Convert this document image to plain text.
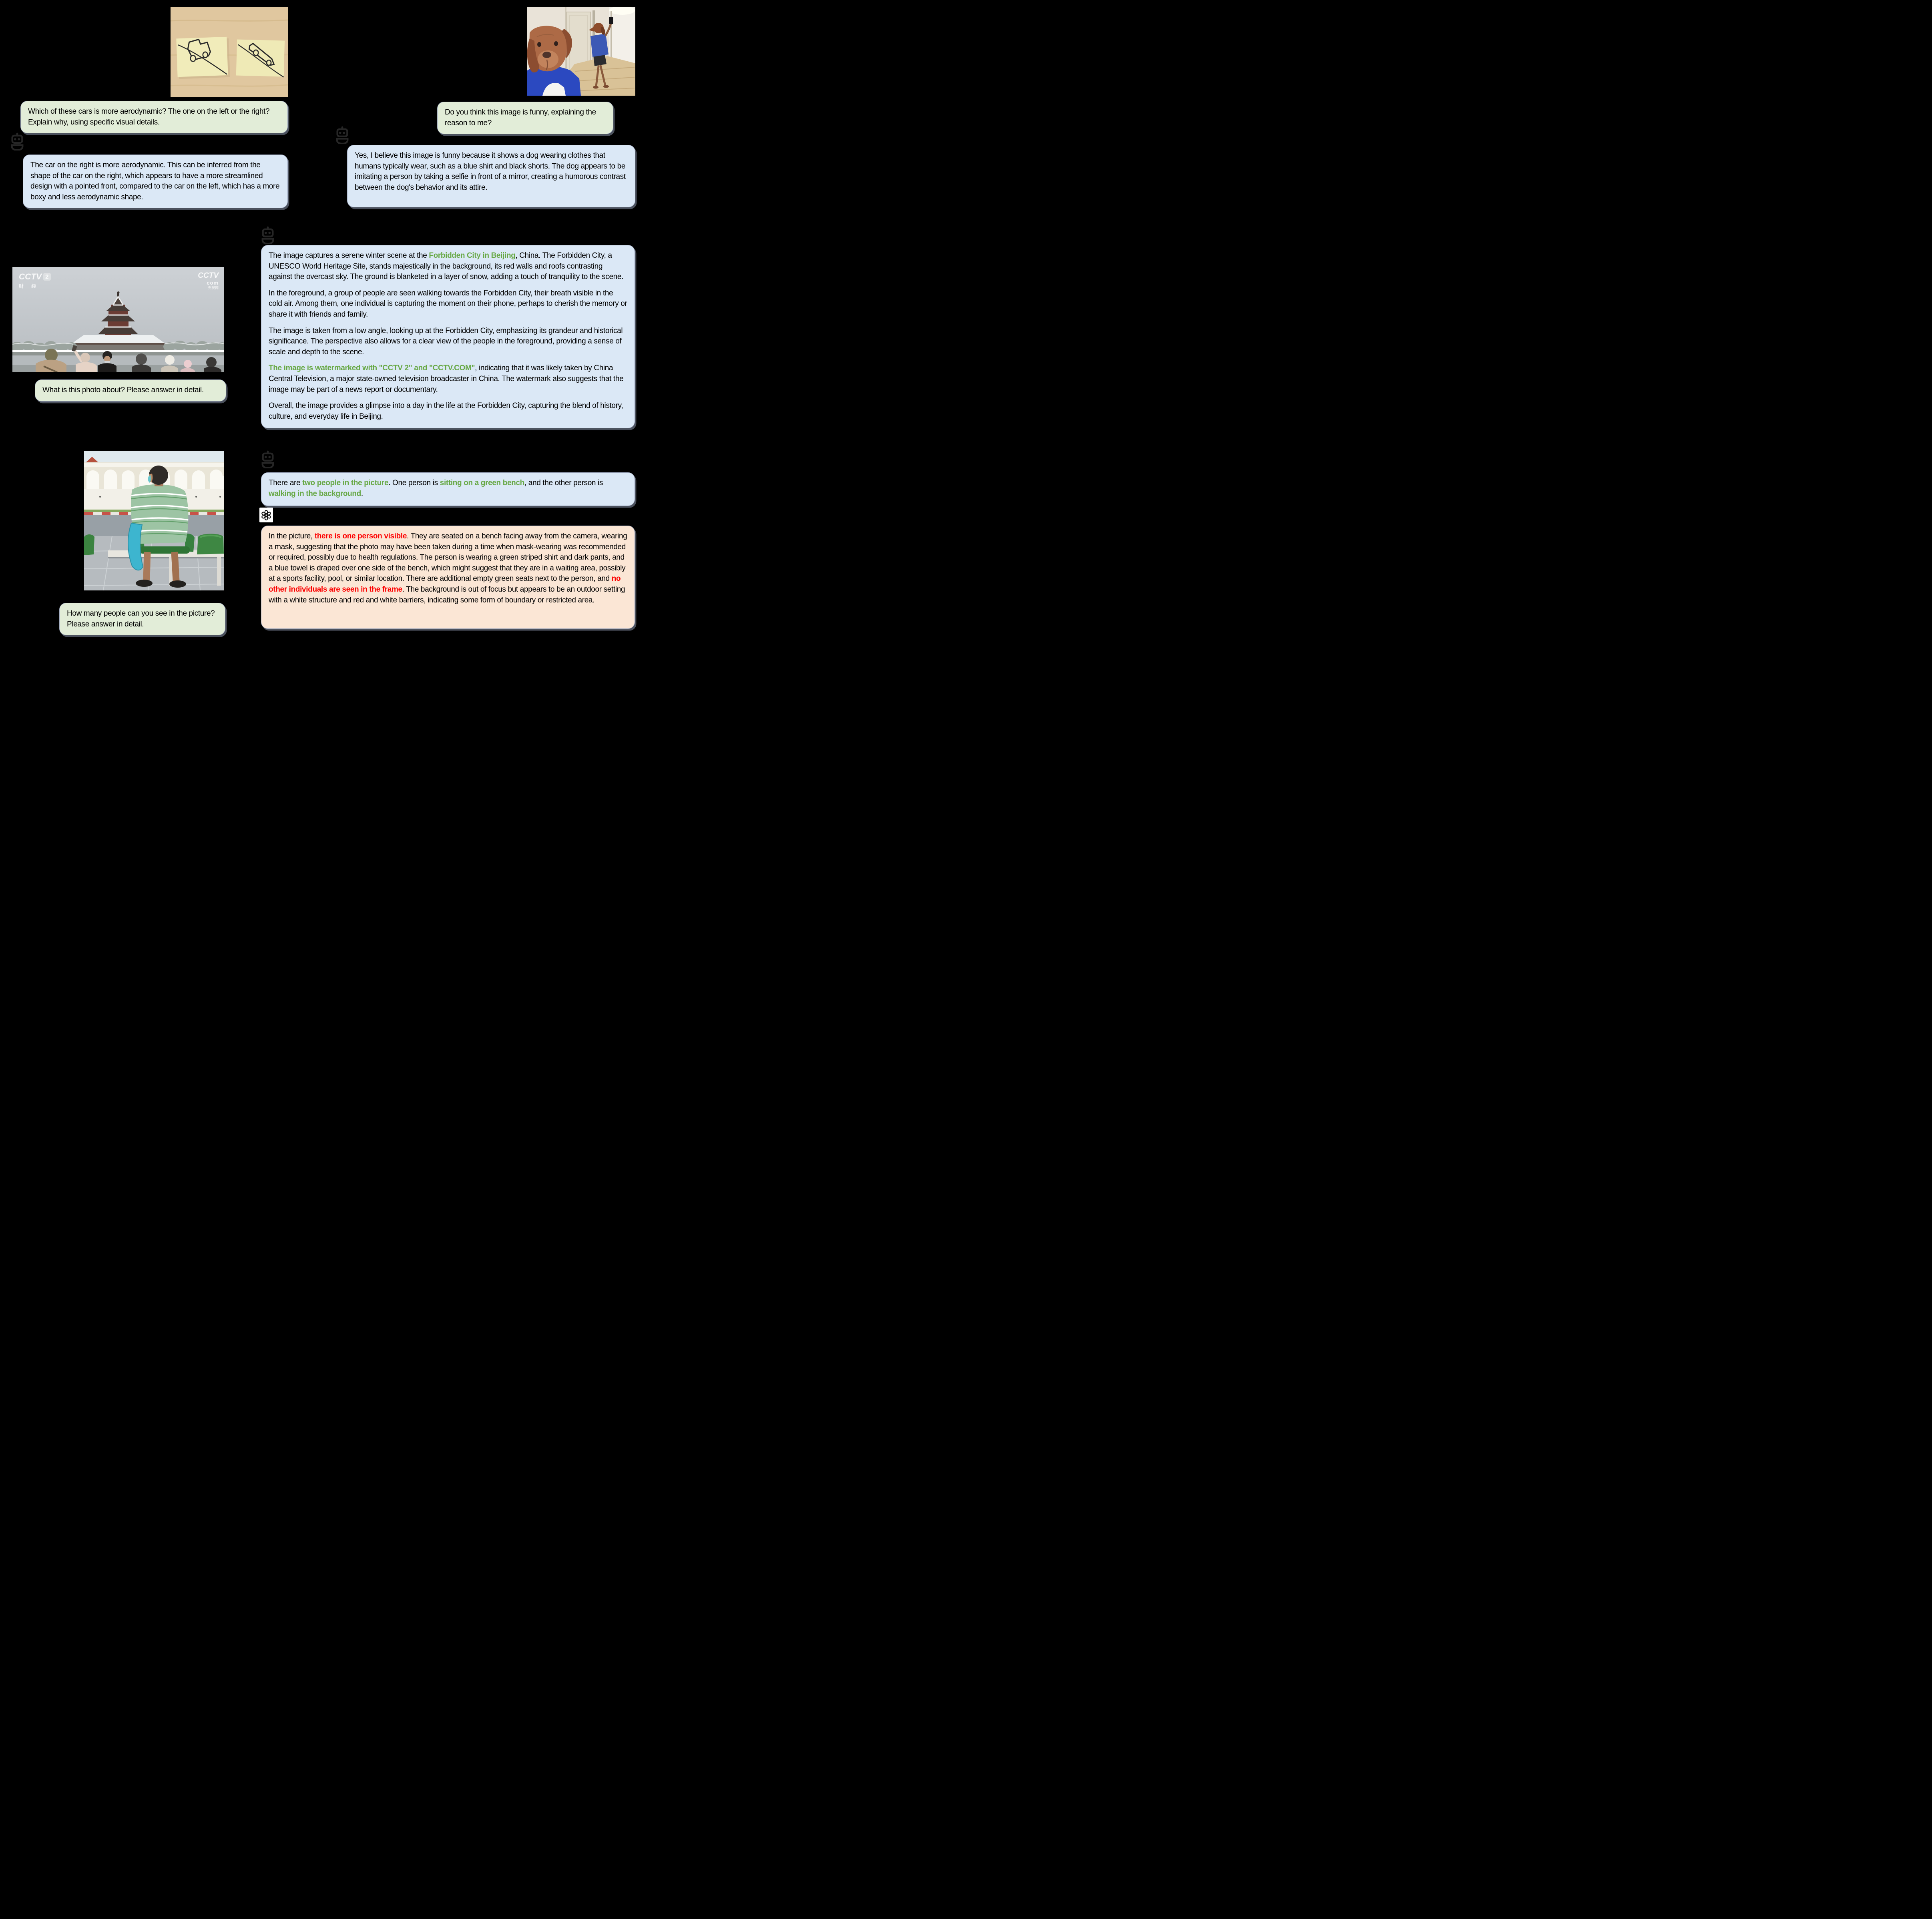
Which of these cars is more aerodynamic? The one on the left or the right? Explain why, using specific visual details.

Do you think this image is funny, explaining the reason to me?

The car on the right is more aerodynamic. This can be inferred from the shape of the car on the right, which appears to have a more streamlined design with a pointed front, compared to the car on the left, which has a more boxy and less aerodynamic shape.

Yes, I believe this image is funny because it shows a dog wearing clothes that humans typically wear, such as a blue shirt and black shorts. The dog appears to be imitating a person by taking a selfie in front of a mirror, creating a humorous contrast between the dog's behavior and its attire.

The image captures a serene winter scene at the Forbidden City in Beijing, China. The Forbidden City, a UNESCO World Heritage Site, stands majestically in the background, its red walls and roofs contrasting against the overcast sky. The ground is blanketed in a layer of snow, adding a touch of tranquility to the scene.

In the foreground, a group of people are seen walking towards the Forbidden City, their breath visible in the cold air. Among them, one individual is capturing the moment on their phone, perhaps to cherish the memory or share it with friends and family.

The image is taken from a low angle, looking up at the Forbidden City, emphasizing its grandeur and historical significance. The perspective also allows for a clear view of the people in the foreground, providing a sense of scale and depth to the scene.

The image is watermarked with "CCTV 2" and "CCTV.COM", indicating that it was likely taken by China Central Television, a major state-owned television broadcaster in China. The watermark also suggests that the image may be part of a news report or documentary.

Overall, the image provides a glimpse into a day in the life at the Forbidden City, capturing the blend of history, culture, and everyday life in Beijing.

CCTV 2
财 经
CCTV
com
央视网

What is this photo about? Please answer in detail.

There are two people in the picture. One person is sitting on a green bench, and the other person is walking in the background.

In the picture, there is one person visible. They are seated on a bench facing away from the camera, wearing a mask, suggesting that the photo may have been taken during a time when mask-wearing was recommended or required, possibly due to health regulations. The person is wearing a green striped shirt and dark pants, and a blue towel is draped over one side of the bench, which might suggest that they are in a waiting area, possibly at a sports facility, pool, or similar location. There are additional empty green seats next to the person, and no other individuals are seen in the frame. The background is out of focus but appears to be an outdoor setting with a white structure and red and white barriers, indicating some form of boundary or restricted area.

How many people can you see in the picture? Please answer in detail.
